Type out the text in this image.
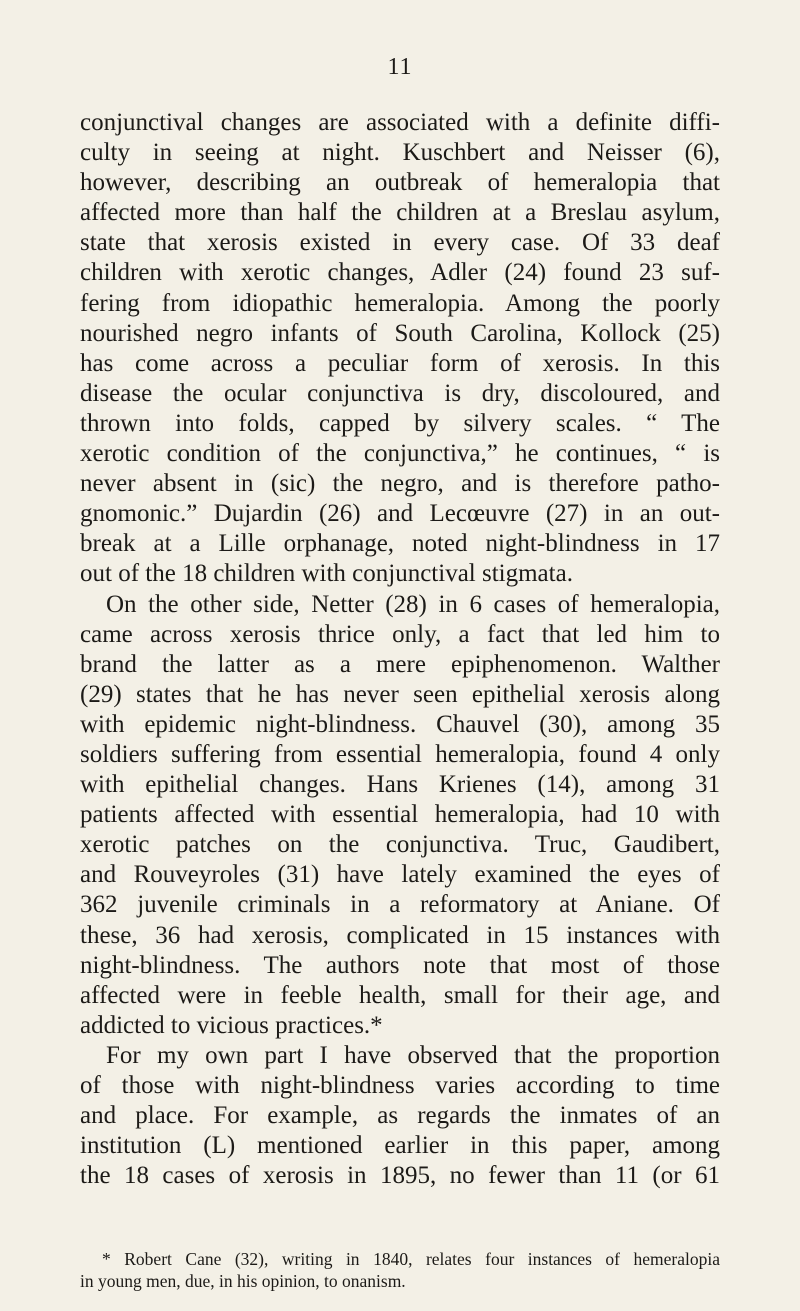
11
conjunctival changes are associated with a definite diffi-
culty in seeing at night. Kuschbert and Neisser (6),
however, describing an outbreak of hemeralopia that
affected more than half the children at a Breslau asylum,
state that xerosis existed in every case. Of 33 deaf
children with xerotic changes, Adler (24) found 23 suf-
fering from idiopathic hemeralopia. Among the poorly
nourished negro infants of South Carolina, Kollock (25)
has come across a peculiar form of xerosis. In this
disease the ocular conjunctiva is dry, discoloured, and
thrown into folds, capped by silvery scales. “ The
xerotic condition of the conjunctiva,” he continues, “ is
never absent in (sic) the negro, and is therefore patho-
gnomonic.” Dujardin (26) and Lecœuvre (27) in an out-
break at a Lille orphanage, noted night-blindness in 17
out of the 18 children with conjunctival stigmata.
On the other side, Netter (28) in 6 cases of hemeralopia,
came across xerosis thrice only, a fact that led him to
brand the latter as a mere epiphenomenon. Walther
(29) states that he has never seen epithelial xerosis along
with epidemic night-blindness. Chauvel (30), among 35
soldiers suffering from essential hemeralopia, found 4 only
with epithelial changes. Hans Krienes (14), among 31
patients affected with essential hemeralopia, had 10 with
xerotic patches on the conjunctiva. Truc, Gaudibert,
and Rouveyroles (31) have lately examined the eyes of
362 juvenile criminals in a reformatory at Aniane. Of
these, 36 had xerosis, complicated in 15 instances with
night-blindness. The authors note that most of those
affected were in feeble health, small for their age, and
addicted to vicious practices.*
For my own part I have observed that the proportion
of those with night-blindness varies according to time
and place. For example, as regards the inmates of an
institution (L) mentioned earlier in this paper, among
the 18 cases of xerosis in 1895, no fewer than 11 (or 61
* Robert Cane (32), writing in 1840, relates four instances of hemeralopia
in young men, due, in his opinion, to onanism.
